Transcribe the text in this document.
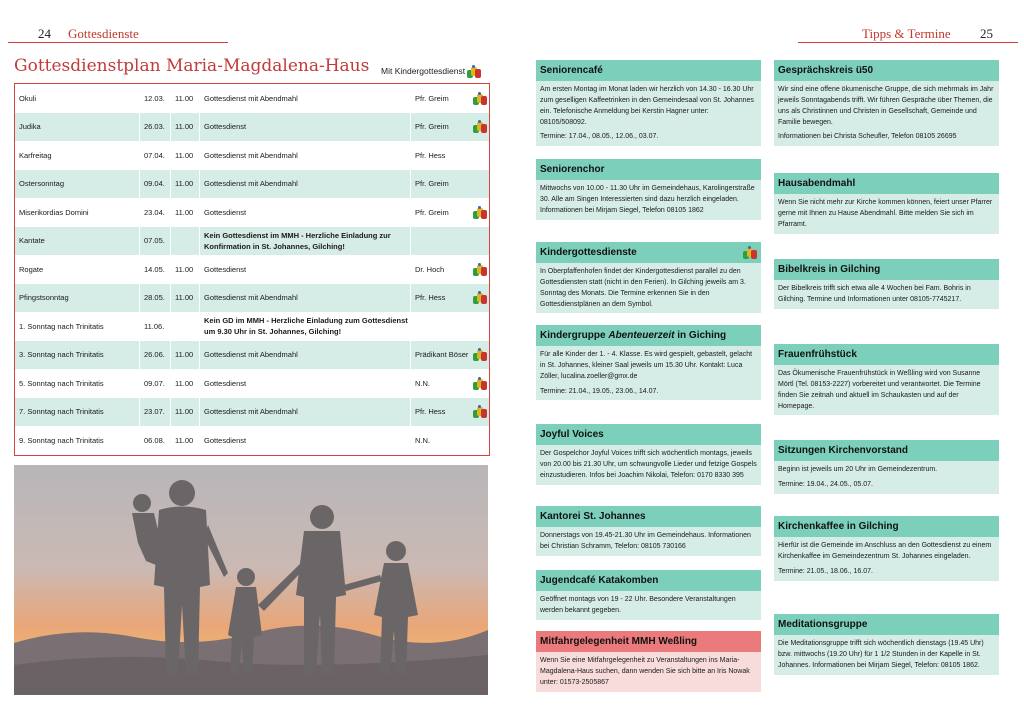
24 Gottesdienste	Tipps & Termine 25
Gottesdienstplan Maria-Magdalena-Haus Mit Kindergottesdienst
Okuli	12.03.	11.00	Gottesdienst mit Abendmahl	Pfr. Greim
Judika	26.03.	11.00	Gottesdienst	Pfr. Greim
Karfreitag	07.04.	11.00	Gottesdienst mit Abendmahl	Pfr. Hess
Ostersonntag	09.04.	11.00	Gottesdienst mit Abendmahl	Pfr. Greim
Miserikordias Domini	23.04.	11.00	Gottesdienst	Pfr. Greim
Kantate	07.05.
Kein Gottesdienst im MMH - Herzliche Einladung zur Konfirmation in St. Johannes, Gilching!
Rogate	14.05.	11.00	Gottesdienst	Dr. Hoch
Pfingstsonntag	28.05.	11.00	Gottesdienst mit Abendmahl	Pfr. Hess
1. Sonntag nach Trinitatis	11.06.
Kein GD im MMH - Herzliche Einladung zum Gottesdienst um 9.30 Uhr in St. Johannes, Gilching!
3. Sonntag nach Trinitatis	26.06.	11.00	Gottesdienst mit Abendmahl	Prädikant Böser
5. Sonntag nach Trinitatis	09.07.	11.00	Gottesdienst	N.N.
7. Sonntag nach Trinitatis	23.07.	11.00	Gottesdienst mit Abendmahl	Pfr. Hess
9. Sonntag nach Trinitatis	06.08.	11.00	Gottesdienst	N.N.
Seniorencafé

Am ersten Montag im Monat laden wir herzlich von 14.30 - 16.30 Uhr zum geselligen Kaffeetrinken in den Gemeindesaal von St. Johannes ein. Telefonische Anmeldung bei Kerstin Hagner unter: 08105/508092.

Termine: 17.04., 08.05., 12.06., 03.07.

Seniorenchor

Mittwochs von 10.00 - 11.30 Uhr im Gemeindehaus, Karolingerstraße 30. Alle am Singen Interessierten sind dazu herzlich eingeladen. Informationen bei Mirjam Siegel, Telefon 08105 1862

Kindergottesdienste

In Oberpfaffenhofen findet der Kindergottesdienst parallel zu den Gottesdiensten statt (nicht in den Ferien). In Gilching jeweils am 3. Sonntag des Monats. Die Termine erkennen Sie in den Gottesdienstplänen an dem Symbol.

Kindergruppe Abenteuerzeit in Giching

Für alle Kinder der 1. - 4. Klasse. Es wird gespielt, gebastelt, gelacht in St. Johannes, kleiner Saal jeweils um 15.30 Uhr. Kontakt: Luca Zöller, lucalina.zoeller@gmx.de

Termine: 21.04., 19.05., 23.06., 14.07.

Joyful Voices

Der Gospelchor Joyful Voices trifft sich wöchentlich montags, jeweils von 20.00 bis 21.30 Uhr, um schwungvolle Lieder und fetzige Gospels einzustudieren. Infos bei Joachim Nikolai, Telefon: 0170 8330 395

Kantorei St. Johannes

Donnerstags von 19.45-21.30 Uhr im Gemeindehaus. Informationen bei Christian Schramm, Telefon: 08105 730166

Jugendcafé Katakomben

Geöffnet montags von 19 - 22 Uhr. Besondere Veranstaltungen werden bekannt gegeben.

Mitfahrgelegenheit MMH Weßling

Wenn Sie eine Mitfahrgelegenheit zu Veranstaltungen ins Maria-Magdalena-Haus suchen, dann wenden Sie sich bitte an Iris Nowak unter: 01573-2505867

Gesprächskreis ü50

Wir sind eine offene ökumenische Gruppe, die sich mehrmals im Jahr jeweils Sonntagabends trifft. Wir führen Gespräche über Themen, die uns als Christinnen und Christen in Gesellschaft, Gemeinde und Familie bewegen.

Informationen bei Christa Scheufler, Telefon 08105 26695

Hausabendmahl

Wenn Sie nicht mehr zur Kirche kommen können, feiert unser Pfarrer gerne mit Ihnen zu Hause Abendmahl. Bitte melden Sie sich im Pfarramt.

Bibelkreis in Gilching

Der Bibelkreis trifft sich etwa alle 4 Wochen bei Fam. Bohris in Gilching. Termine und Informationen unter 08105-7745217.

Frauenfrühstück

Das Ökumenische Frauenfrühstück in Weßling wird von Susanne Mörtl (Tel. 08153-2227) vorbereitet und verantwortet. Die Termine finden Sie zeitnah und aktuell im Schaukasten und auf der Homepage.

Sitzungen Kirchenvorstand

Beginn ist jeweils um 20 Uhr im Gemeindezentrum.

Termine: 19.04., 24.05., 05.07.

Kirchenkaffee in Gilching

Hierfür ist die Gemeinde im Anschluss an den Gottesdienst zu einem Kirchenkaffee im Gemeindezentrum St. Johannes eingeladen.

Termine: 21.05., 18.06., 16.07.

Meditationsgruppe

Die Meditationsgruppe trifft sich wöchentlich dienstags (19.45 Uhr) bzw. mittwochs (19.20 Uhr) für 1 1/2 Stunden in der Kapelle in St. Johannes. Informationen bei Mirjam Siegel, Telefon: 08105 1862.
